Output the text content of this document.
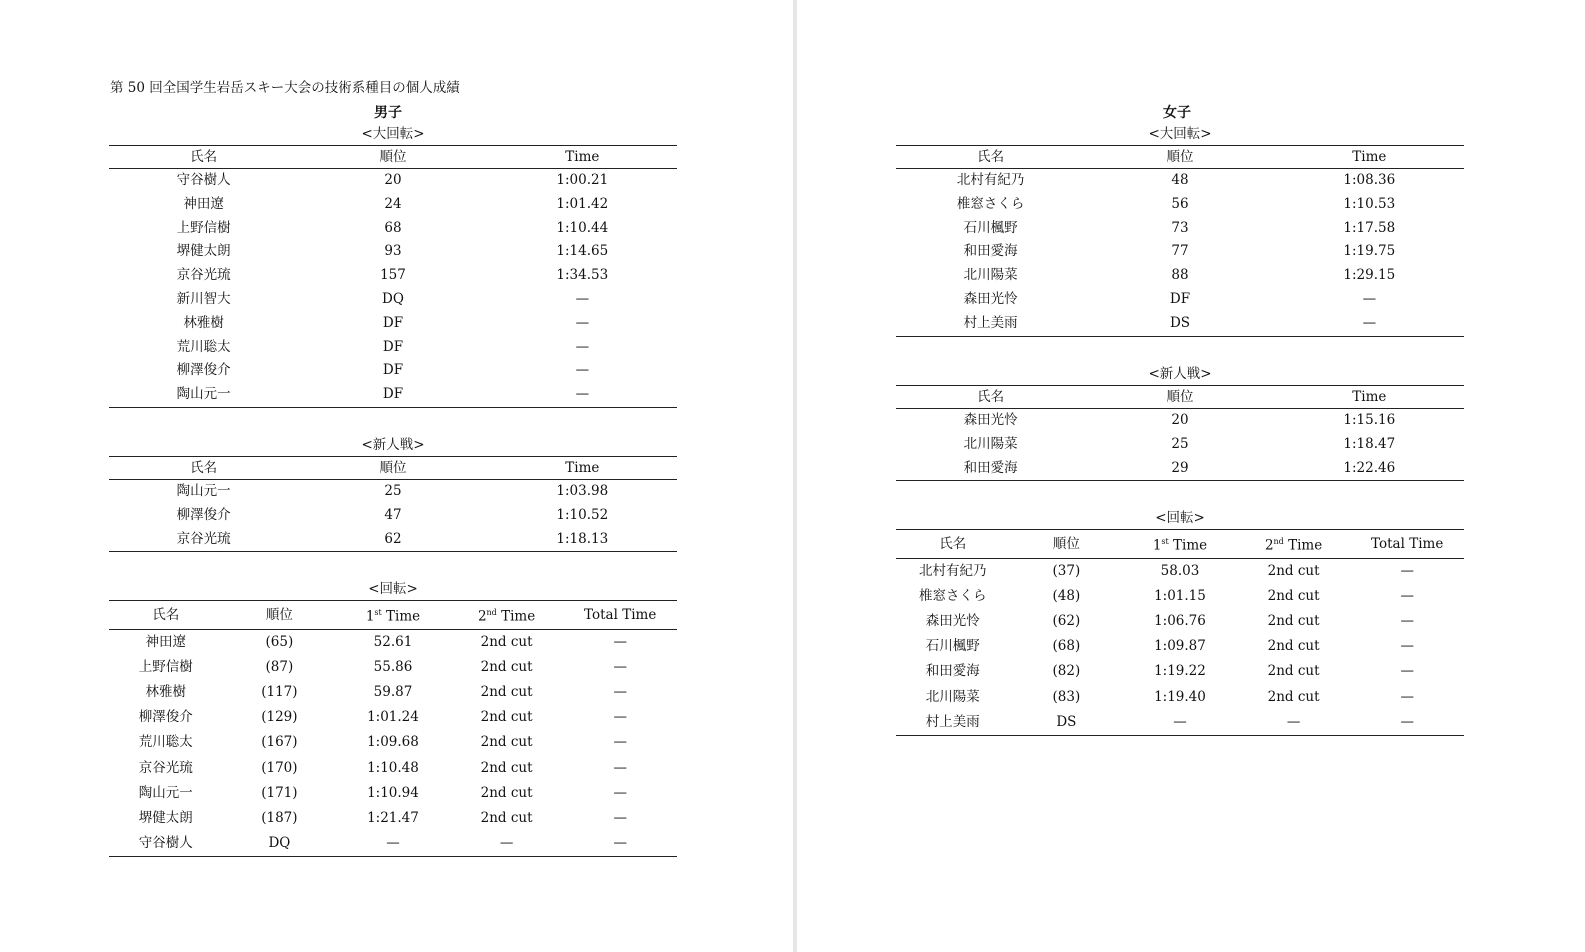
第 50 回全国学生岩岳スキー大会の技術系種目の個人成績
男子
<大回転>
氏名	順位	Time
守谷樹人	20	1:00.21
神田遼	24	1:01.42
上野信樹	68	1:10.44
堺健太朗	93	1:14.65
京谷光琉	157	1:34.53
新川智大	DQ	—
林雅樹	DF	—
荒川聡太	DF	—
柳澤俊介	DF	—
陶山元一	DF	—
<新人戦>
氏名	順位	Time
陶山元一	25	1:03.98
柳澤俊介	47	1:10.52
京谷光琉	62	1:18.13
<回転>
氏名	順位	1st Time	2nd Time	Total Time
神田遼	(65)	52.61	2nd cut	—
上野信樹	(87)	55.86	2nd cut	—
林雅樹	(117)	59.87	2nd cut	—
柳澤俊介	(129)	1:01.24	2nd cut	—
荒川聡太	(167)	1:09.68	2nd cut	—
京谷光琉	(170)	1:10.48	2nd cut	—
陶山元一	(171)	1:10.94	2nd cut	—
堺健太朗	(187)	1:21.47	2nd cut	—
守谷樹人	DQ	—	—	—
女子
<大回転>
氏名	順位	Time
北村有紀乃	48	1:08.36
椎窓さくら	56	1:10.53
石川楓野	73	1:17.58
和田愛海	77	1:19.75
北川陽菜	88	1:29.15
森田光怜	DF	—
村上美雨	DS	—
<新人戦>
氏名	順位	Time
森田光怜	20	1:15.16
北川陽菜	25	1:18.47
和田愛海	29	1:22.46
<回転>
氏名	順位	1st Time	2nd Time	Total Time
北村有紀乃	(37)	58.03	2nd cut	—
椎窓さくら	(48)	1:01.15	2nd cut	—
森田光怜	(62)	1:06.76	2nd cut	—
石川楓野	(68)	1:09.87	2nd cut	—
和田愛海	(82)	1:19.22	2nd cut	—
北川陽菜	(83)	1:19.40	2nd cut	—
村上美雨	DS	—	—	—
